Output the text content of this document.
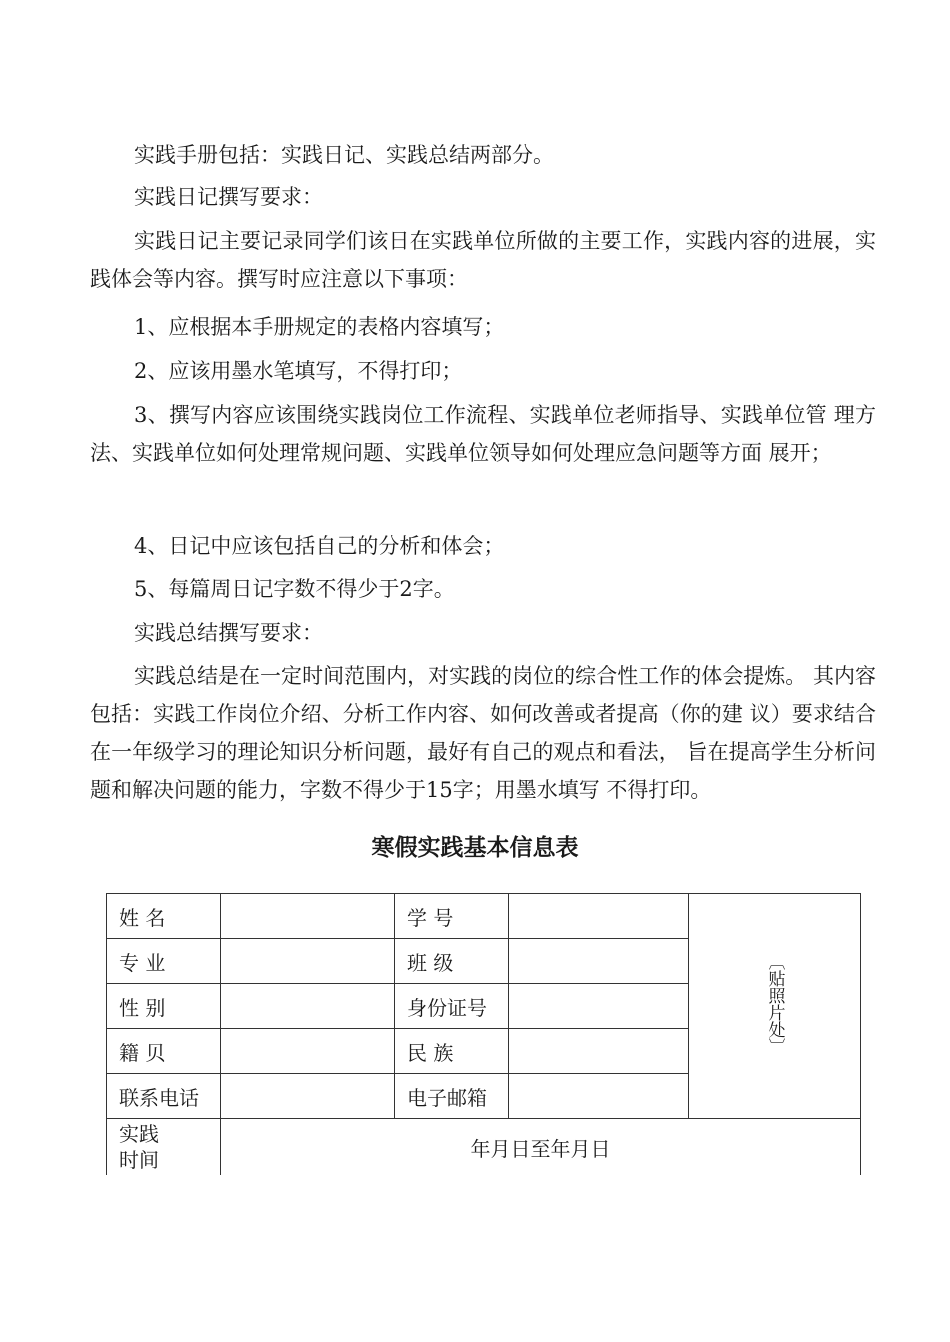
实践手册包括：实践日记、实践总结两部分。

实践日记撰写要求：

实践日记主要记录同学们该日在实践单位所做的主要工作，实践内容的进展，实践体会等内容。撰写时应注意以下事项：

1、应根据本手册规定的表格内容填写；

2、应该用墨水笔填写，不得打印；

3、撰写内容应该围绕实践岗位工作流程、实践单位老师指导、实践单位管 理方法、实践单位如何处理常规问题、实践单位领导如何处理应急问题等方面 展开；

4、日记中应该包括自己的分析和体会；

5、每篇周日记字数不得少于2字。

实践总结撰写要求：

实践总结是在一定时间范围内，对实践的岗位的综合性工作的体会提炼。 其内容包括：实践工作岗位介绍、分析工作内容、如何改善或者提高（你的建 议）要求结合在一年级学习的理论知识分析问题，最好有自己的观点和看法， 旨在提高学生分析问题和解决问题的能力，字数不得少于15字；用墨水填写 不得打印。

寒假实践基本信息表
姓 名		学 号		〔贴照片处〕
专 业		班 级		
性 别		身份证号		
籍 贝		民 族		
联系电话		电子邮箱		
实践
时间	年月日至年月日			
